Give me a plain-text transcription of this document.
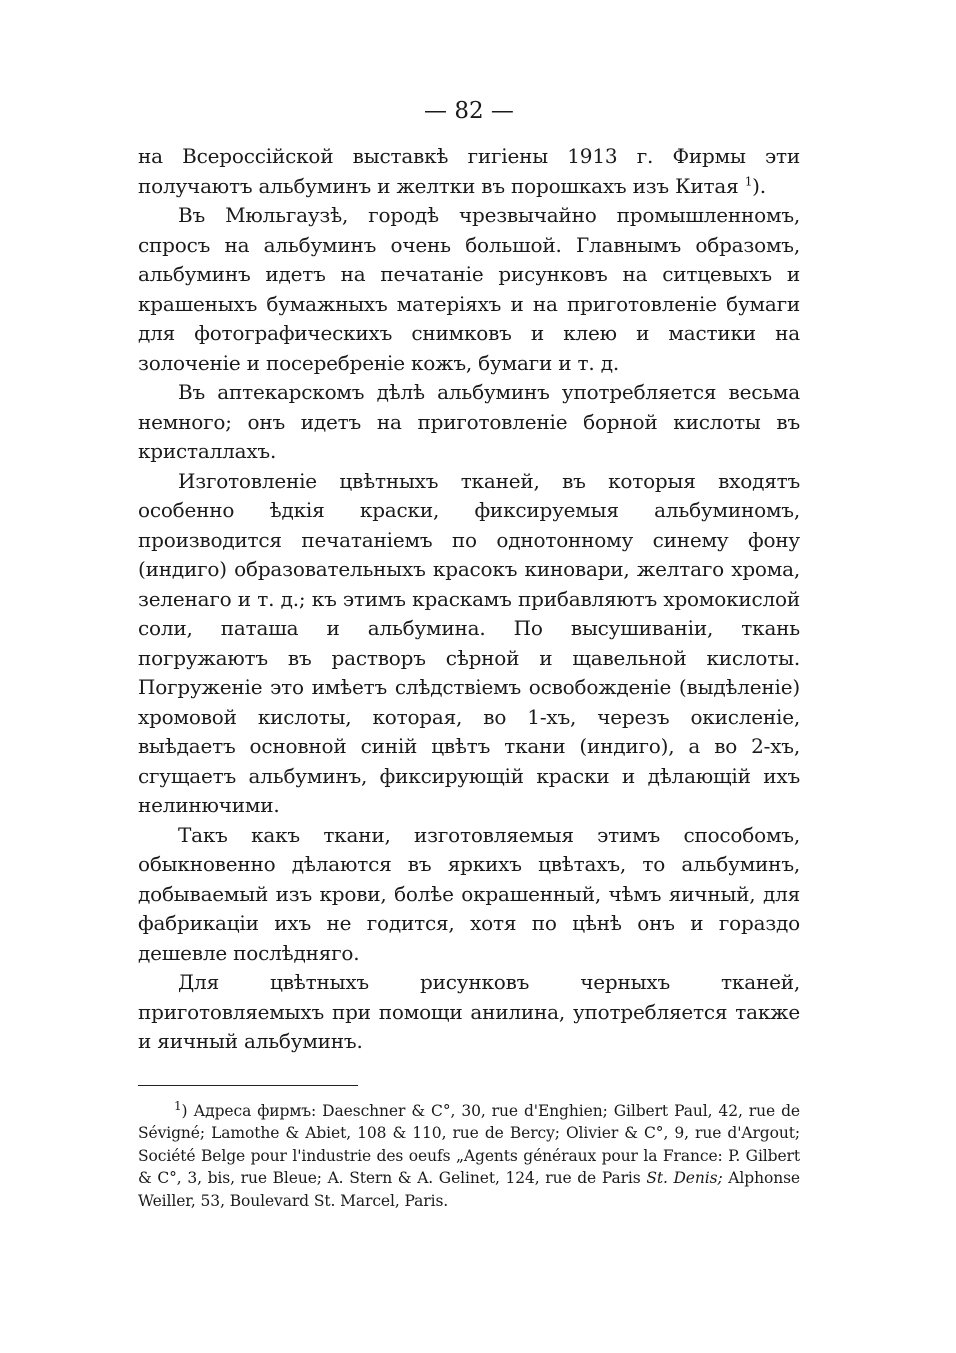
— 82 —

на Всероссійской выставкѣ гигіены 1913 г. Фирмы эти получаютъ альбуминъ и желтки въ порошкахъ изъ Китая $^1$).

Въ Мюльгаузѣ, городѣ чрезвычайно промышленномъ, спросъ на альбуминъ очень большой. Главнымъ образомъ, альбуминъ идетъ на печатаніе рисунковъ на ситцевыхъ и крашеныхъ бумажныхъ матеріяхъ и на приготовленіе бумаги для фотографическихъ снимковъ и клею и мастики на золоченіе и посеребреніе кожъ, бумаги и т. д.

Въ аптекарскомъ дѣлѣ альбуминъ употребляется весьма немного; онъ идетъ на приготовленіе борной кислоты въ кристаллахъ.

Изготовленіе цвѣтныхъ тканей, въ которыя входятъ особенно ѣдкія краски, фиксируемыя альбуминомъ, производится печатаніемъ по однотонному синему фону (индиго) образовательныхъ красокъ киновари, желтаго хрома, зеленаго и т. д.; къ этимъ краскамъ прибавляютъ хромокислой соли, паташа и альбумина. По высушиваніи, ткань погружаютъ въ растворъ сѣрной и щавельной кислоты. Погруженіе это имѣетъ слѣдствіемъ освобожденіе (выдѣленіе) хромовой кислоты, которая, во 1-хъ, черезъ окисленіе, выѣдаетъ основной синій цвѣтъ ткани (индиго), а во 2-хъ, сгущаетъ альбуминъ, фиксирующій краски и дѣлающій ихъ нелинючими.

Такъ какъ ткани, изготовляемыя этимъ способомъ, обыкновенно дѣлаются въ яркихъ цвѣтахъ, то альбуминъ, добываемый изъ крови, болѣе окрашенный, чѣмъ яичный, для фабрикаціи ихъ не годится, хотя по цѣнѣ онъ и гораздо дешевле послѣдняго.

Для цвѣтныхъ рисунковъ черныхъ тканей, приготовляемыхъ при помощи анилина, употребляется также и яичный альбуминъ.

$^1$) Адреса фирмъ: Daeschner & C°, 30, rue d'Enghien; Gilbert Paul, 42, rue de Sévigné; Lamothe & Abiet, 108 & 110, rue de Bercy; Olivier & C°, 9, rue d'Argout; Société Belge pour l'industrie des oeufs „Agents généraux pour la France: P. Gilbert & C°, 3, bis, rue Bleue; A. Stern & A. Gelinet, 124, rue de Paris St. Denis; Alphonse Weiller, 53, Boulevard St. Marcel, Paris.
